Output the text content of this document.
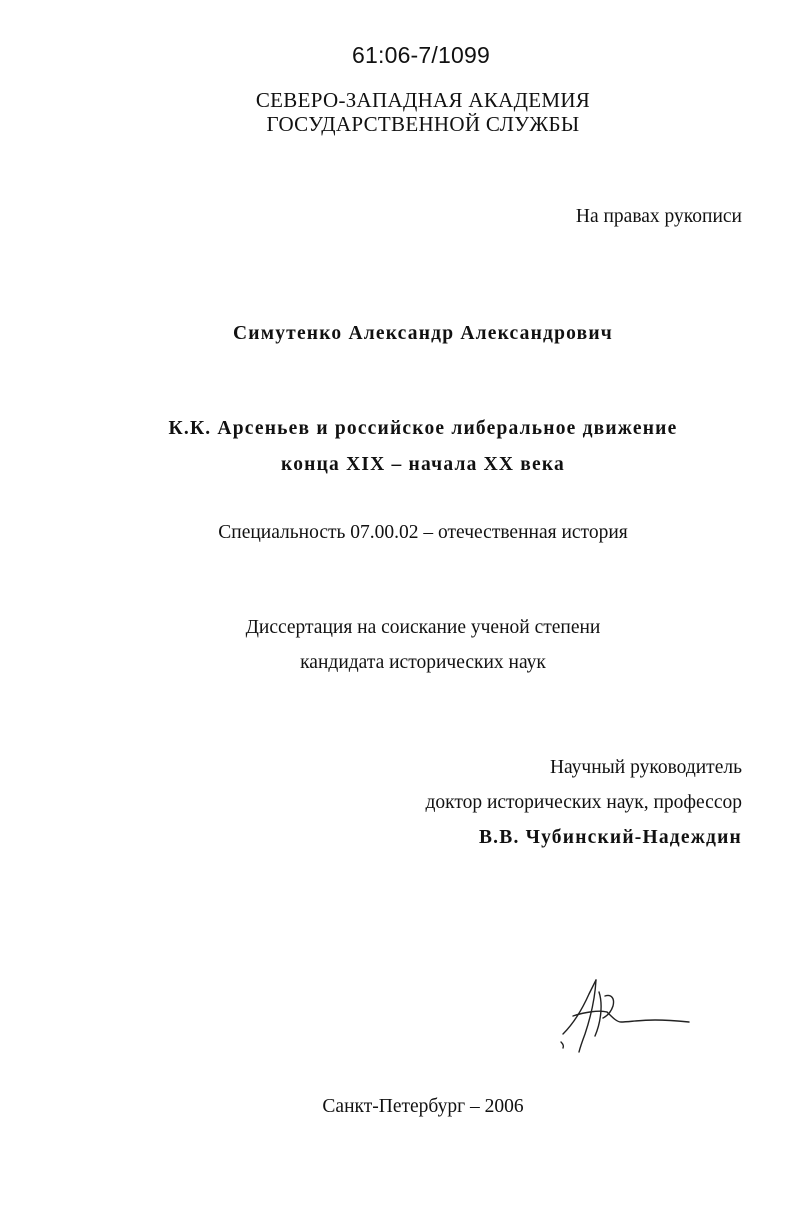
61:06-7/1099
СЕВЕРО-ЗАПАДНАЯ АКАДЕМИЯ
ГОСУДАРСТВЕННОЙ СЛУЖБЫ
На правах рукописи
Симутенко Александр Александрович
К.К. Арсеньев и российское либеральное движение
конца XIX – начала XX века
Специальность 07.00.02 – отечественная история
Диссертация на соискание ученой степени
кандидата исторических наук
Научный руководитель
доктор исторических наук, профессор
В.В. Чубинский-Надеждин
Санкт-Петербург – 2006
